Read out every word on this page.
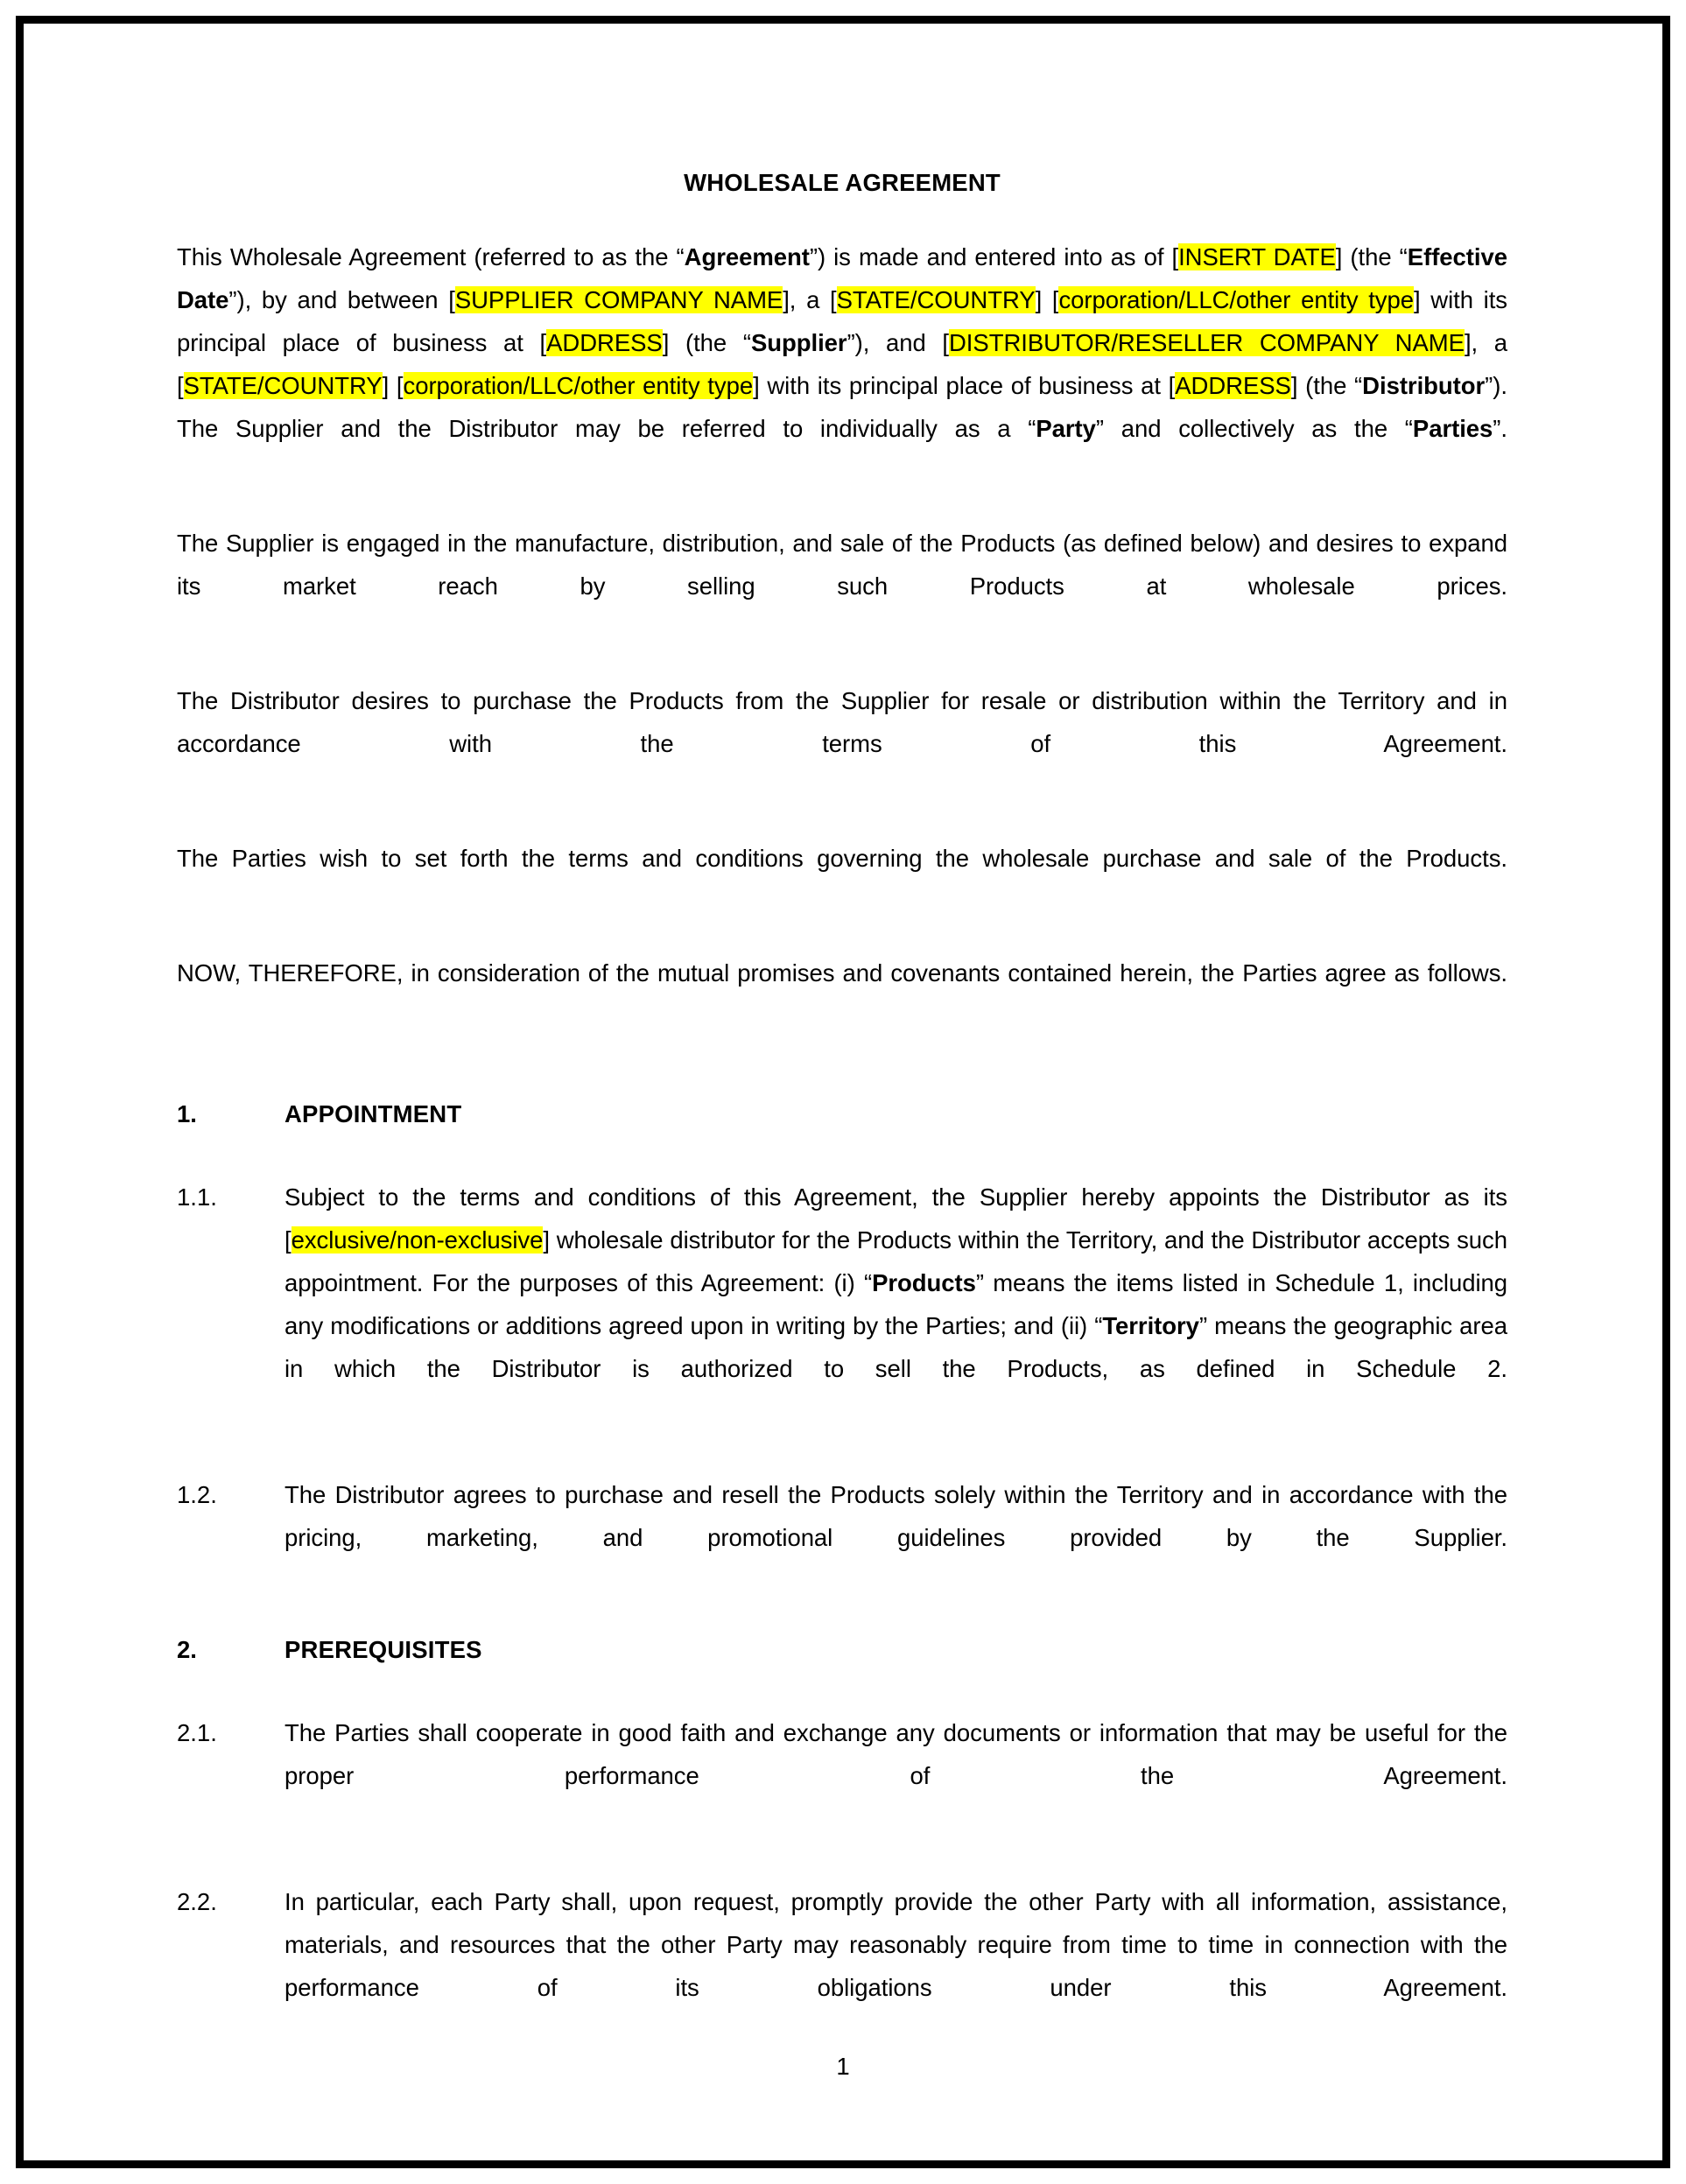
WHOLESALE AGREEMENT

This Wholesale Agreement (referred to as the “Agreement”) is made and entered into as of [INSERT DATE] (the “Effective Date”), by and between [SUPPLIER COMPANY NAME], a [STATE/COUNTRY] [corporation/LLC/other entity type] with its principal place of business at [ADDRESS] (the “Supplier”), and [DISTRIBUTOR/RESELLER COMPANY NAME], a [STATE/COUNTRY] [corporation/LLC/other entity type] with its principal place of business at [ADDRESS] (the “Distributor”). The Supplier and the Distributor may be referred to individually as a “Party” and collectively as the “Parties”.

The Supplier is engaged in the manufacture, distribution, and sale of the Products (as defined below) and desires to expand its market reach by selling such Products at wholesale prices.

The Distributor desires to purchase the Products from the Supplier for resale or distribution within the Territory and in accordance with the terms of this Agreement.

The Parties wish to set forth the terms and conditions governing the wholesale purchase and sale of the Products.

NOW, THEREFORE, in consideration of the mutual promises and covenants contained herein, the Parties agree as follows.

1.	APPOINTMENT
1.1.	Subject to the terms and conditions of this Agreement, the Supplier hereby appoints the Distributor as its [exclusive/non-exclusive] wholesale distributor for the Products within the Territory, and the Distributor accepts such appointment. For the purposes of this Agreement: (i) “Products” means the items listed in Schedule 1, including any modifications or additions agreed upon in writing by the Parties; and (ii) “Territory” means the geographic area in which the Distributor is authorized to sell the Products, as defined in Schedule 2.
1.2.	The Distributor agrees to purchase and resell the Products solely within the Territory and in accordance with the pricing, marketing, and promotional guidelines provided by the Supplier.
2.	PREREQUISITES
2.1.	The Parties shall cooperate in good faith and exchange any documents or information that may be useful for the proper performance of the Agreement.
2.2.	In particular, each Party shall, upon request, promptly provide the other Party with all information, assistance, materials, and resources that the other Party may reasonably require from time to time in connection with the performance of its obligations under this Agreement.
1
